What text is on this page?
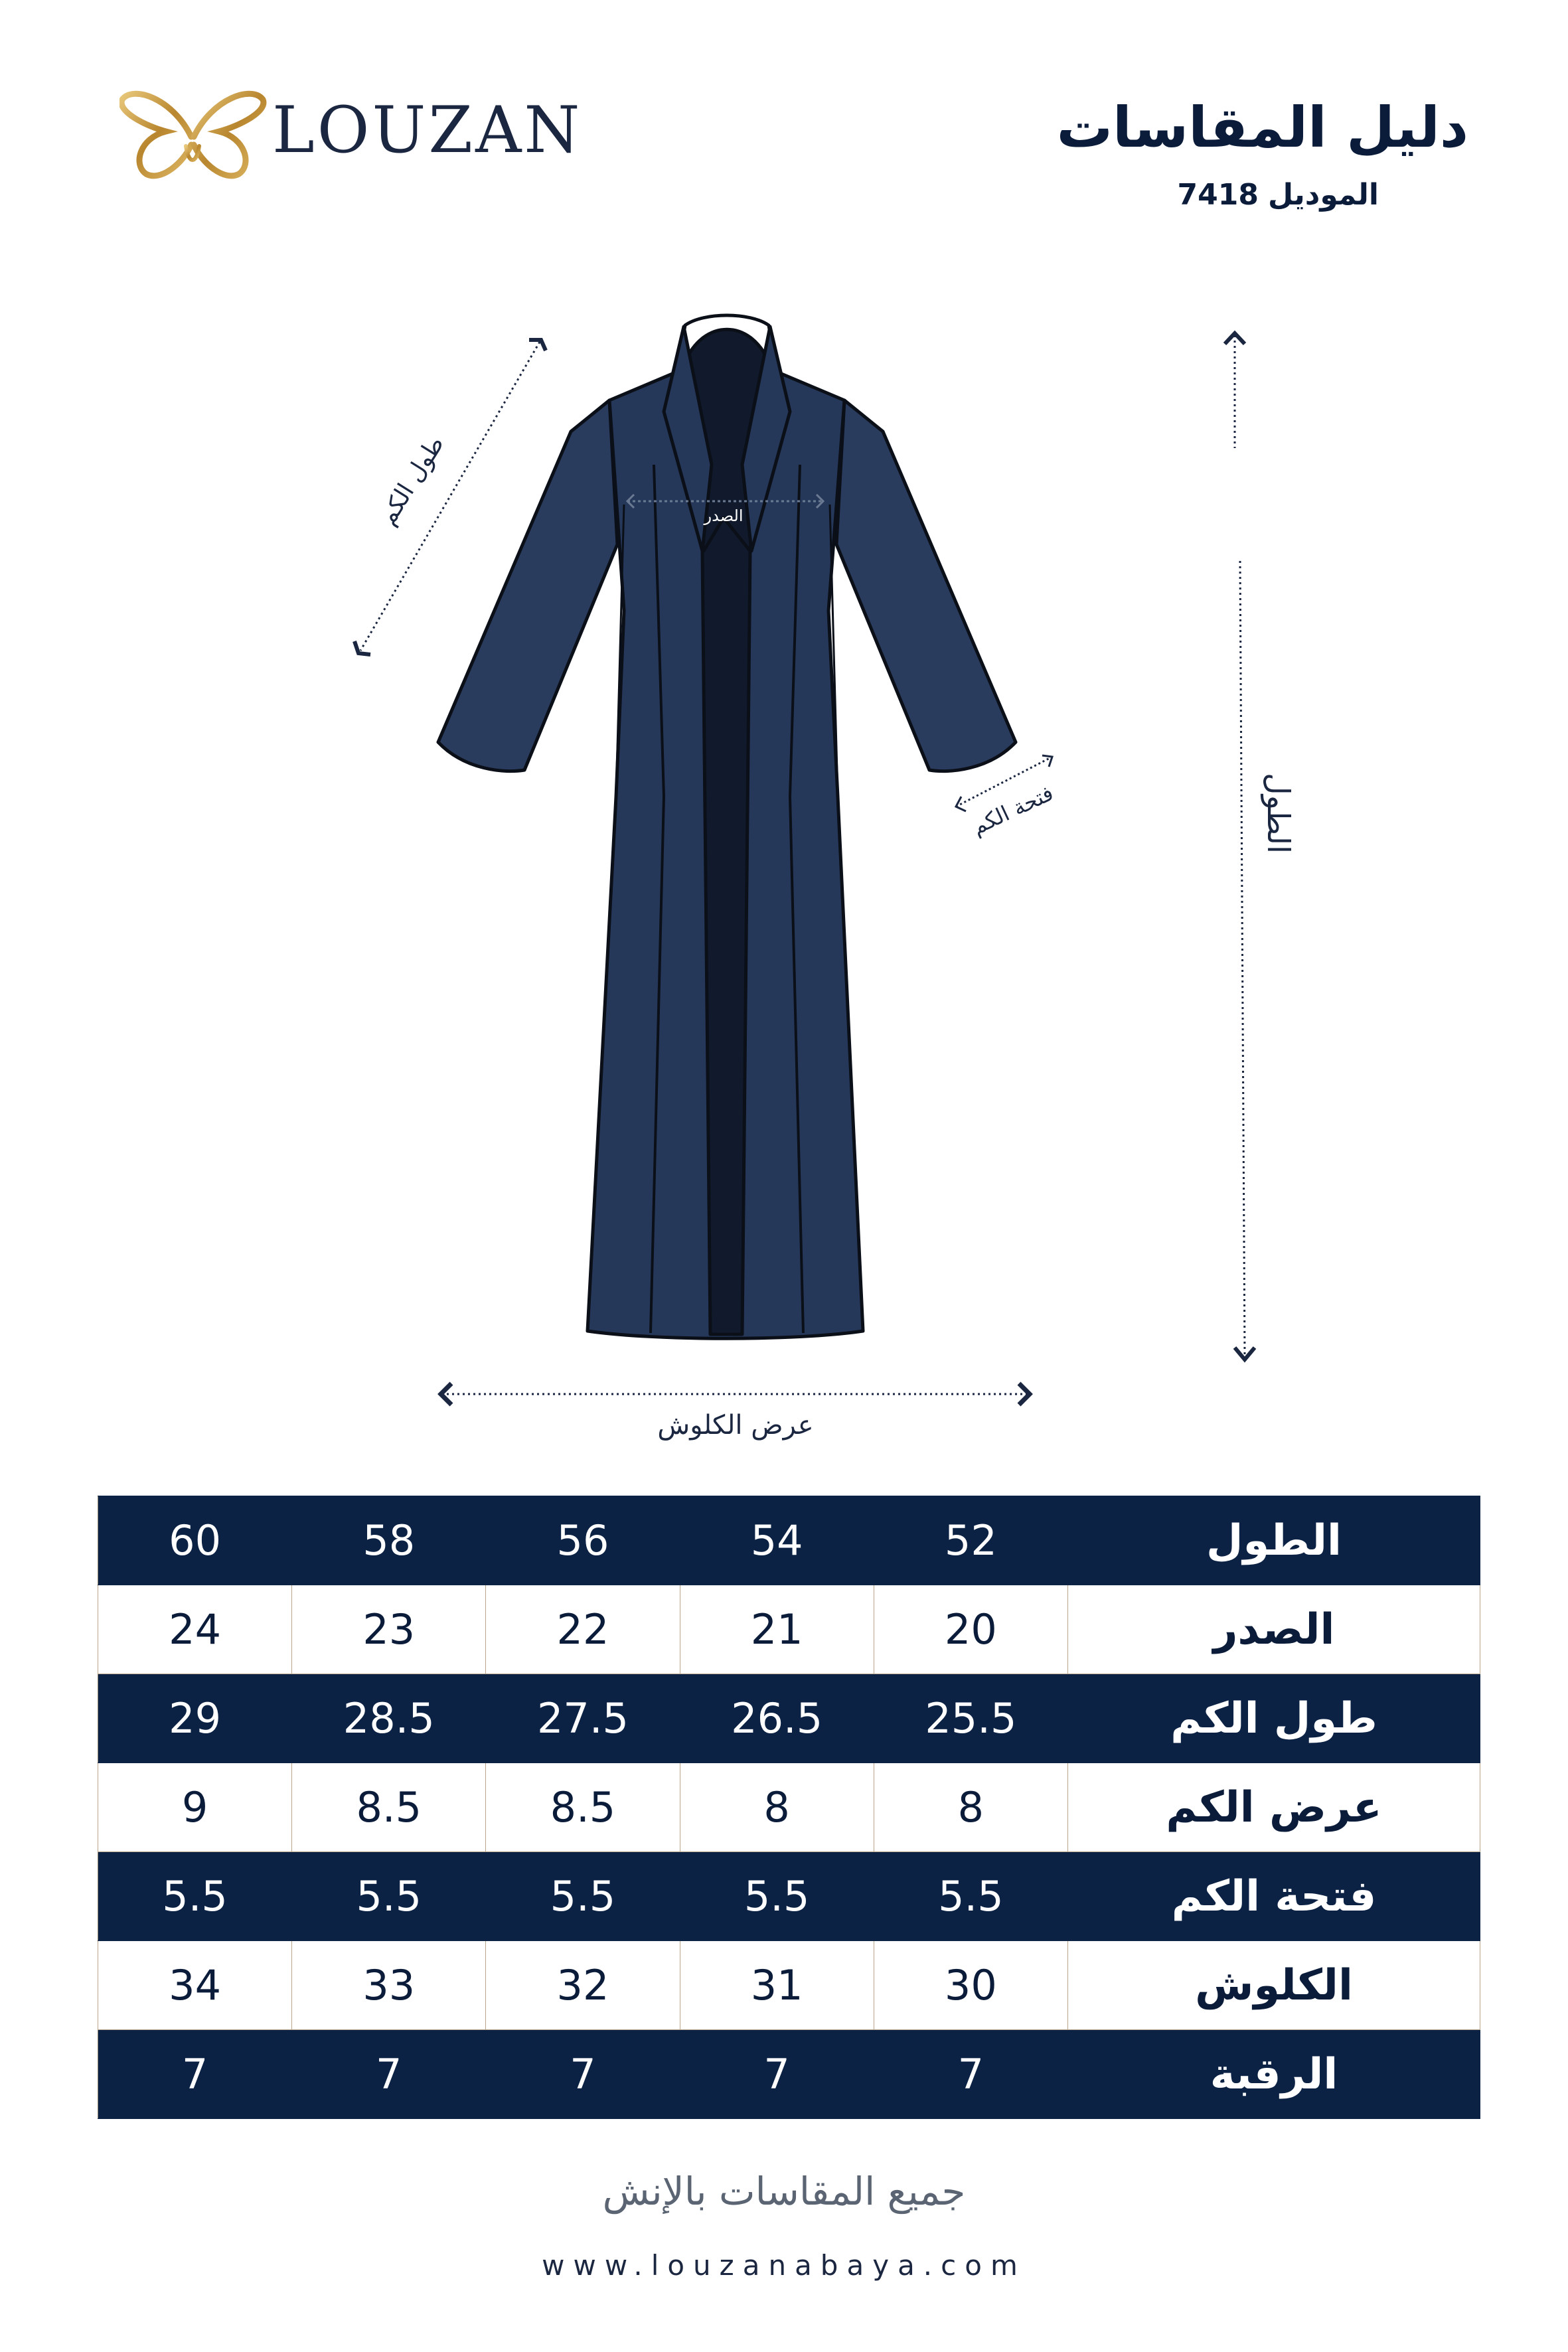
LOUZAN	دليل المقاسات
الموديل7418
الصدر
طول الكم
فتحة الكم	الطول
عرض الكلوش
60	58	56	54	52	الطول
24	23	22	21	20	الصدر
29	28.5	27.5	26.5	25.5	طول الكم
9	8.5	8.5	8	8	عرض الكم
5.5	5.5	5.5	5.5	5.5	فتحة الكم
34	33	32	31	30	الكلوش
7	7	7	7	7	الرقبة
جميع المقاسات بالإنش
www.louzanabaya.com
